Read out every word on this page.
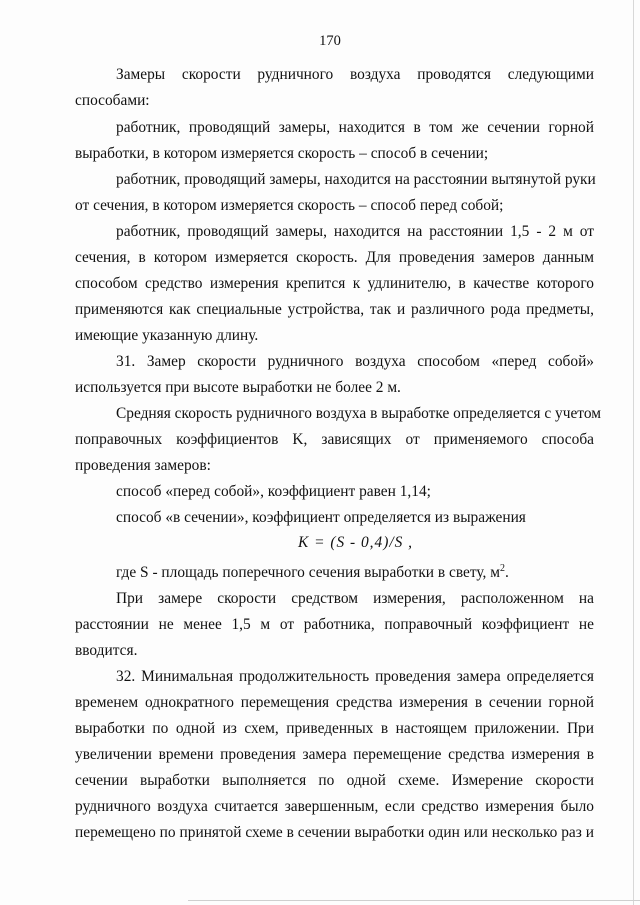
170
Замеры скорости рудничного воздуха проводятся следующими
способами:
работник, проводящий замеры, находится в том же сечении горной
выработки, в котором измеряется скорость – способ в сечении;
работник, проводящий замеры, находится на расстоянии вытянутой руки
от сечения, в котором измеряется скорость – способ перед собой;
работник, проводящий замеры, находится на расстоянии 1,5 - 2 м от
сечения, в котором измеряется скорость. Для проведения замеров данным
способом средство измерения крепится к удлинителю, в качестве которого
применяются как специальные устройства, так и различного рода предметы,
имеющие указанную длину.
31. Замер скорости рудничного воздуха способом «перед собой»
используется при высоте выработки не более 2 м.
Средняя скорость рудничного воздуха в выработке определяется с учетом
поправочных коэффициентов K, зависящих от применяемого способа
проведения замеров:
способ «перед собой», коэффициент равен 1,14;
способ «в сечении», коэффициент определяется из выражения
K = (S - 0,4)/S ,
где S - площадь поперечного сечения выработки в свету, $м^2$.
При замере скорости средством измерения, расположенном на
расстоянии не менее 1,5 м от работника, поправочный коэффициент не
вводится.
32. Минимальная продолжительность проведения замера определяется
временем однократного перемещения средства измерения в сечении горной
выработки по одной из схем, приведенных в настоящем приложении. При
увеличении времени проведения замера перемещение средства измерения в
сечении выработки выполняется по одной схеме. Измерение скорости
рудничного воздуха считается завершенным, если средство измерения было
перемещено по принятой схеме в сечении выработки один или несколько раз и
